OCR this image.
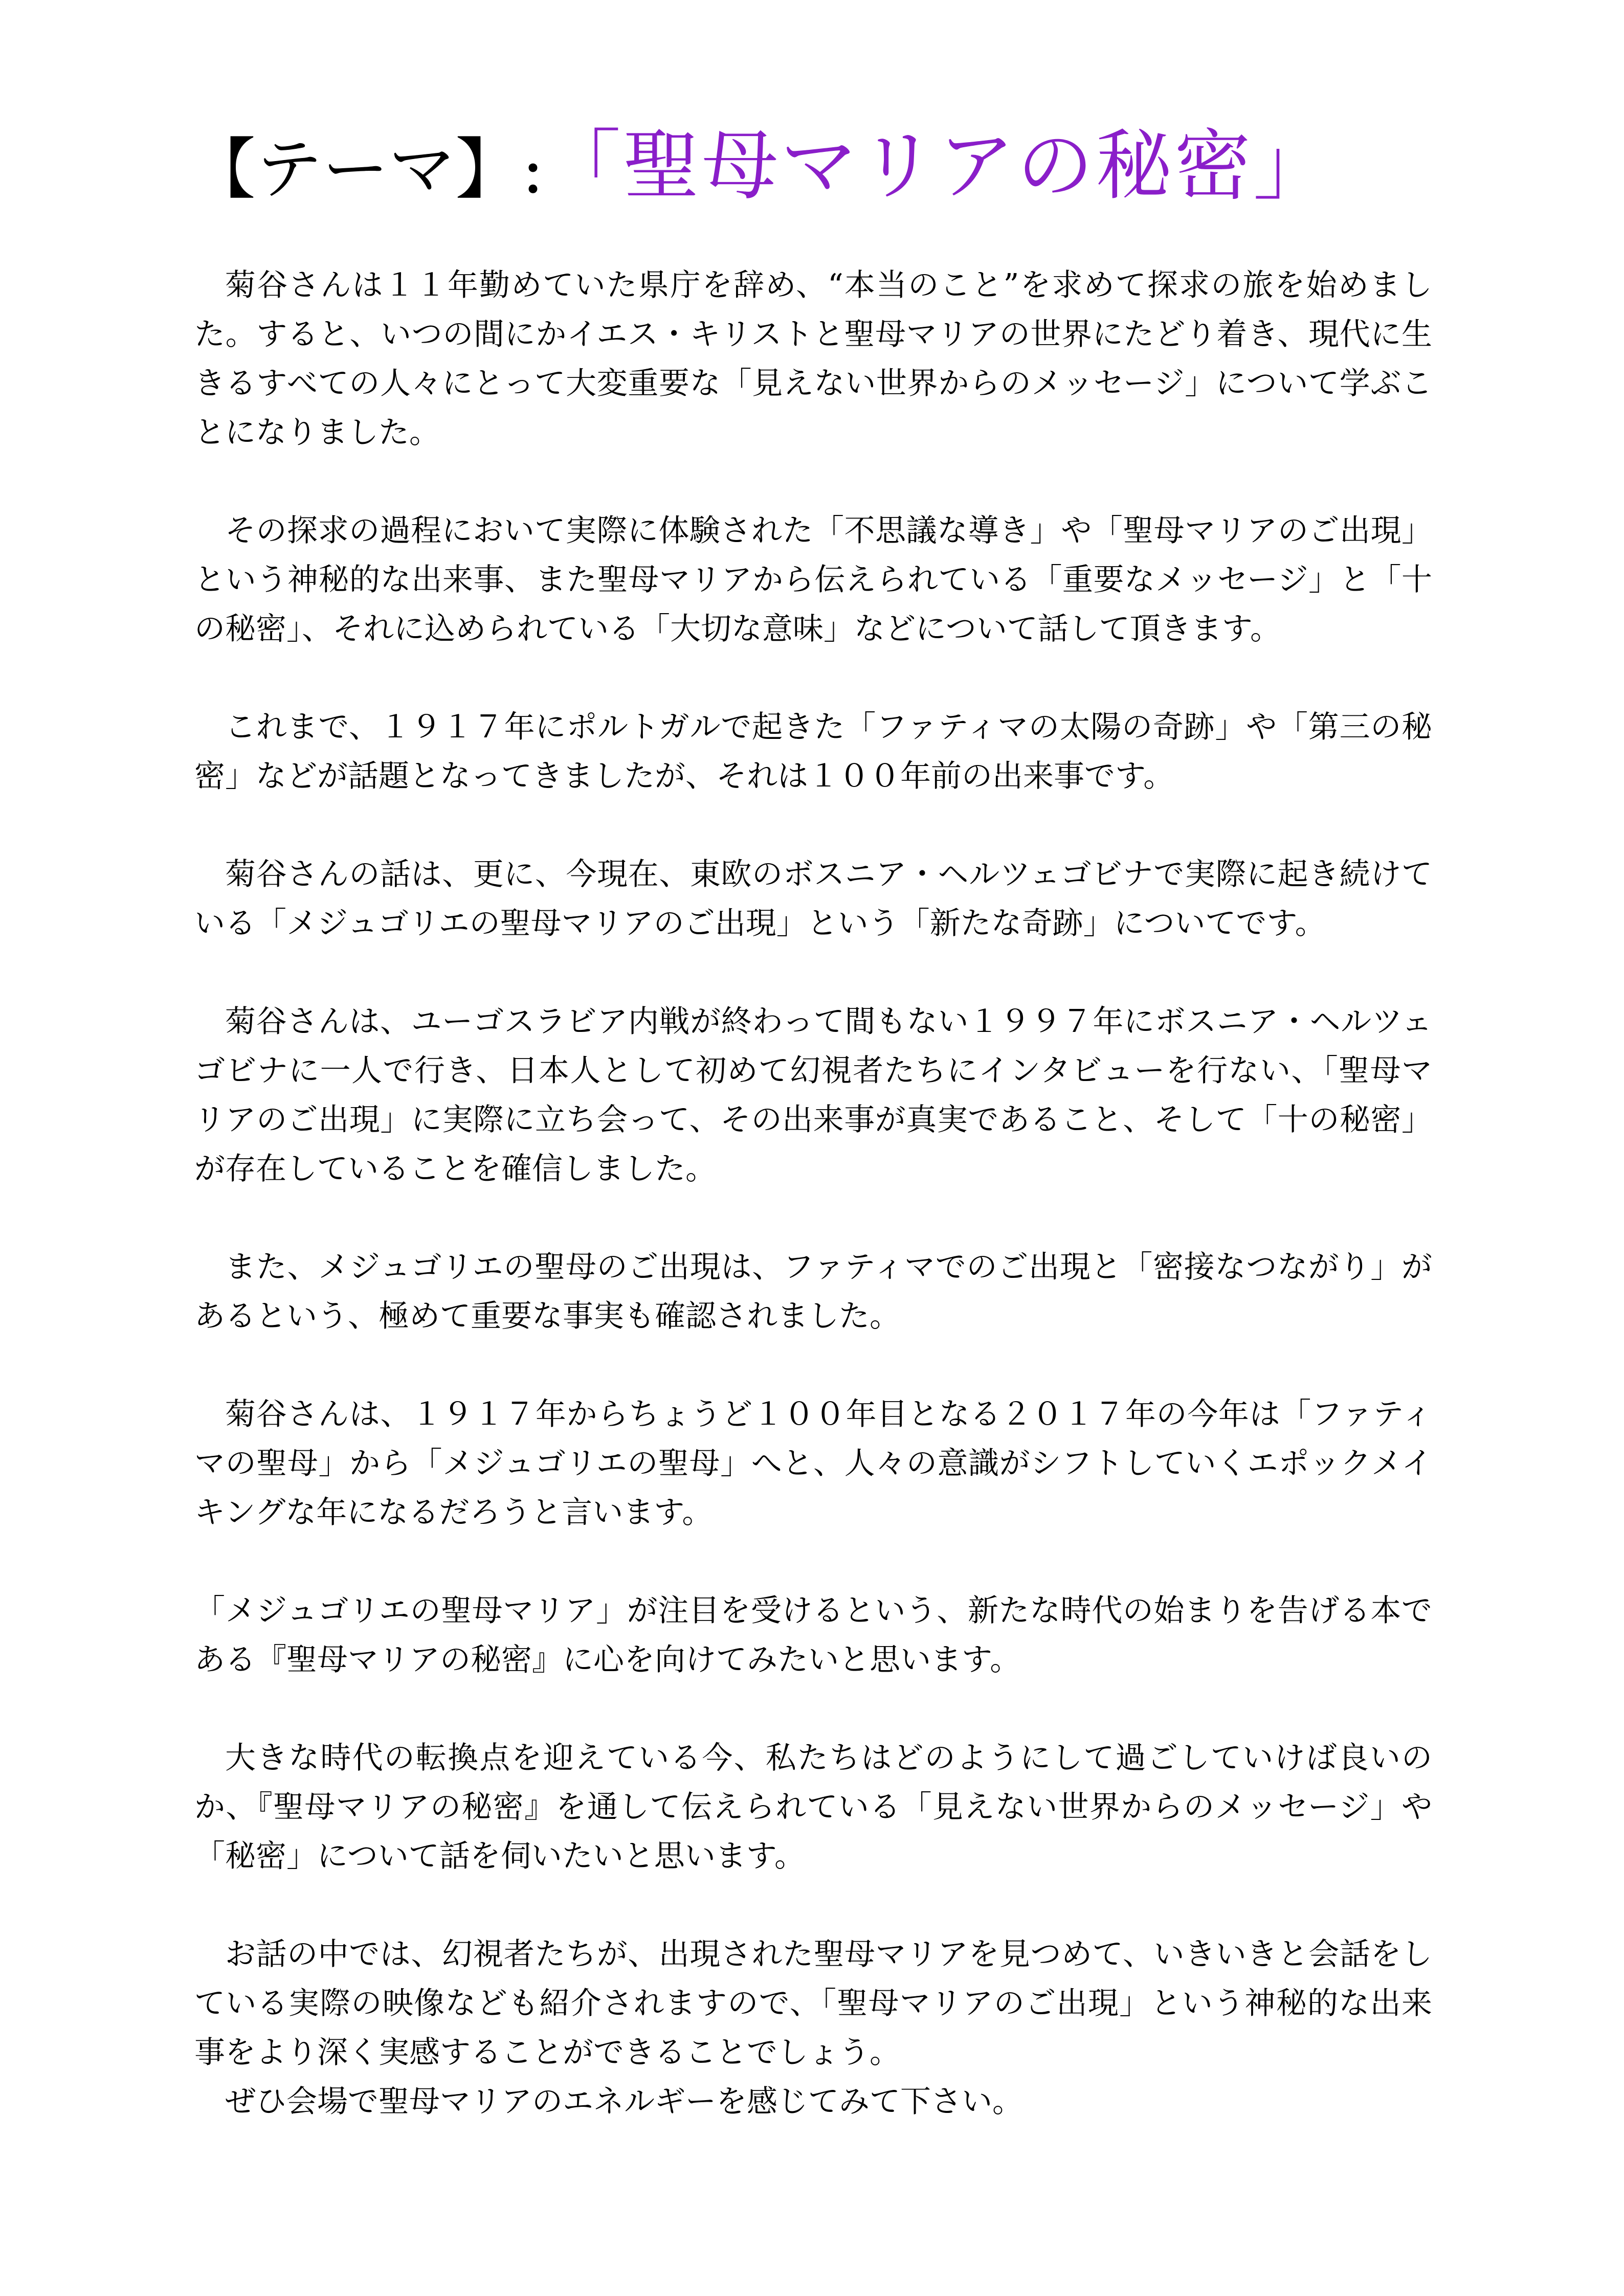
【テーマ】:「聖母マリアの秘密」

菊谷さんは１１年勤めていた県庁を辞め、“本当のこと”を求めて探求の旅を始めました。すると、いつの間にかイエス・キリストと聖母マリアの世界にたどり着き、現代に生きるすべての人々にとって大変重要な「見えない世界からのメッセージ」について学ぶことになりました。

その探求の過程において実際に体験された「不思議な導き」や「聖母マリアのご出現」という神秘的な出来事、また聖母マリアから伝えられている「重要なメッセージ」と「十の秘密」、それに込められている「大切な意味」などについて話して頂きます。

これまで、１９１７年にポルトガルで起きた「ファティマの太陽の奇跡」や「第三の秘密」などが話題となってきましたが、それは１００年前の出来事です。

菊谷さんの話は、更に、今現在、東欧のボスニア・ヘルツェゴビナで実際に起き続けている「メジュゴリエの聖母マリアのご出現」という「新たな奇跡」についてです。

菊谷さんは、ユーゴスラビア内戦が終わって間もない１９９７年にボスニア・ヘルツェゴビナに一人で行き、日本人として初めて幻視者たちにインタビューを行ない、「聖母マリアのご出現」に実際に立ち会って、その出来事が真実であること、そして「十の秘密」が存在していることを確信しました。

また、メジュゴリエの聖母のご出現は、ファティマでのご出現と「密接なつながり」があるという、極めて重要な事実も確認されました。

菊谷さんは、１９１７年からちょうど１００年目となる２０１７年の今年は「ファティマの聖母」から「メジュゴリエの聖母」へと、人々の意識がシフトしていくエポックメイキングな年になるだろうと言います。

「メジュゴリエの聖母マリア」が注目を受けるという、新たな時代の始まりを告げる本である『聖母マリアの秘密』に心を向けてみたいと思います。

大きな時代の転換点を迎えている今、私たちはどのようにして過ごしていけば良いのか、『聖母マリアの秘密』を通して伝えられている「見えない世界からのメッセージ」や「秘密」について話を伺いたいと思います。

お話の中では、幻視者たちが、出現された聖母マリアを見つめて、いきいきと会話をしている実際の映像なども紹介されますので、「聖母マリアのご出現」という神秘的な出来事をより深く実感することができることでしょう。

ぜひ会場で聖母マリアのエネルギーを感じてみて下さい。
